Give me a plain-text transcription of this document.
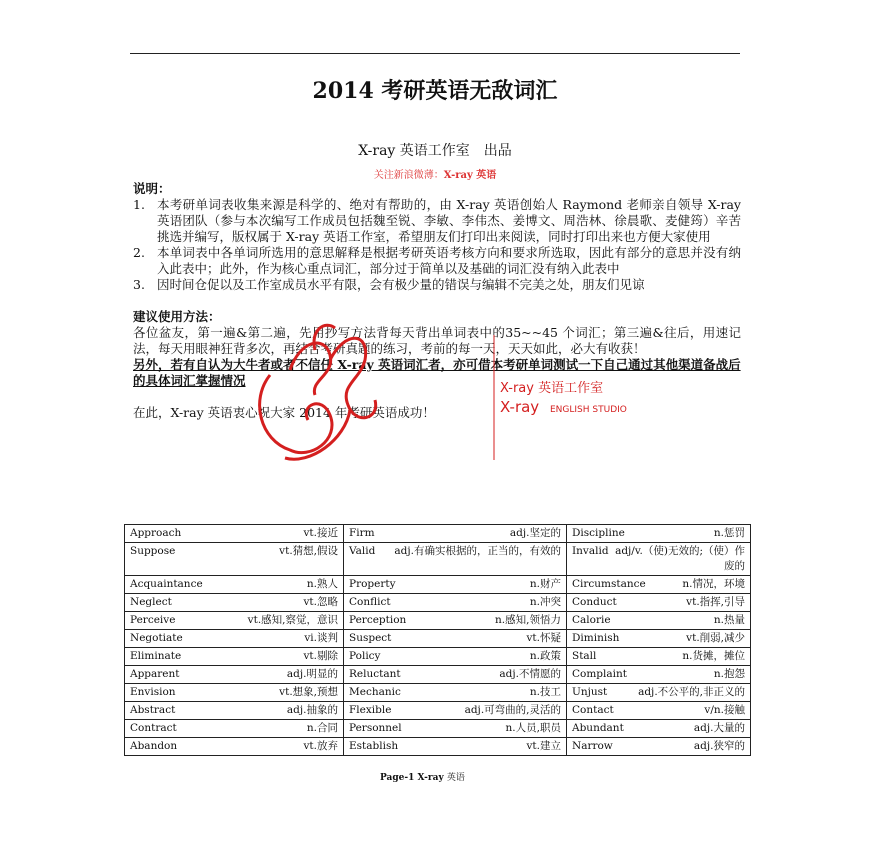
2014 考研英语无敌词汇
X-ray 英语工作室　出品
关注新浪微薄：X-ray 英语
说明：
1. 本考研单词表收集来源是科学的、绝对有帮助的，由 X-ray 英语创始人 Raymond 老师亲自领导 X-ray 英语团队（参与本次编写工作成员包括魏至锐、李敏、李伟杰、姜博文、周浩林、徐晨歌、麦健筠）辛苦挑选并编写，版权属于 X-ray 英语工作室，希望朋友们打印出来阅读，同时打印出来也方便大家使用
2. 本单词表中各单词所选用的意思解释是根据考研英语考核方向和要求所选取，因此有部分的意思并没有纳入此表中；此外，作为核心重点词汇，部分过于简单以及基础的词汇没有纳入此表中
3. 因时间仓促以及工作室成员水平有限，会有极少量的错误与编辑不完美之处，朋友们见谅
建议使用方法：
各位盆友，第一遍&第二遍，先用抄写方法背每天背出单词表中的35~~45 个词汇；第三遍&往后，用速记法，每天用眼神狂背多次，再结合考研真题的练习，考前的每一天，天天如此，必大有收获！
另外，若有自认为大牛者或者不信任 X-ray 英语词汇者，亦可借本考研单词测试一下自己通过其他渠道备战后的具体词汇掌握情况
在此，X-ray 英语衷心祝大家 2014 年考研英语成功！
X-ray 英语工作室
X-ray ENGLISH STUDIO
Approach vt.接近	Firm adj.坚定的	Discipline n.惩罚

Suppose vt.猜想,假设	Valid adj.有确实根据的，正当的，有效的	Invalid adj/v.（使)无效的;（使）作废的

Acquaintance n.熟人	Property n.财产	Circumstance n.情况，环境

Neglect vt.忽略	Conflict n.冲突	Conduct vt.指挥,引导

Perceive vt.感知,察觉，意识	Perception n.感知,领悟力	Calorie n.热量

Negotiate vi.谈判	Suspect vt.怀疑	Diminish vt.削弱,减少

Eliminate vt.剔除	Policy n.政策	Stall n.货摊，摊位

Apparent adj.明显的	Reluctant adj.不情愿的	Complaint n.抱怨

Envision vt.想象,预想	Mechanic n.技工	Unjust adj.不公平的,非正义的

Abstract adj.抽象的	Flexible adj.可弯曲的,灵活的	Contact v/n.接触

Contract n.合同	Personnel n.人员,职员	Abundant adj.大量的

Abandon vt.放弃	Establish vt.建立	Narrow adj.狭窄的
Page-1 X-ray 英语
